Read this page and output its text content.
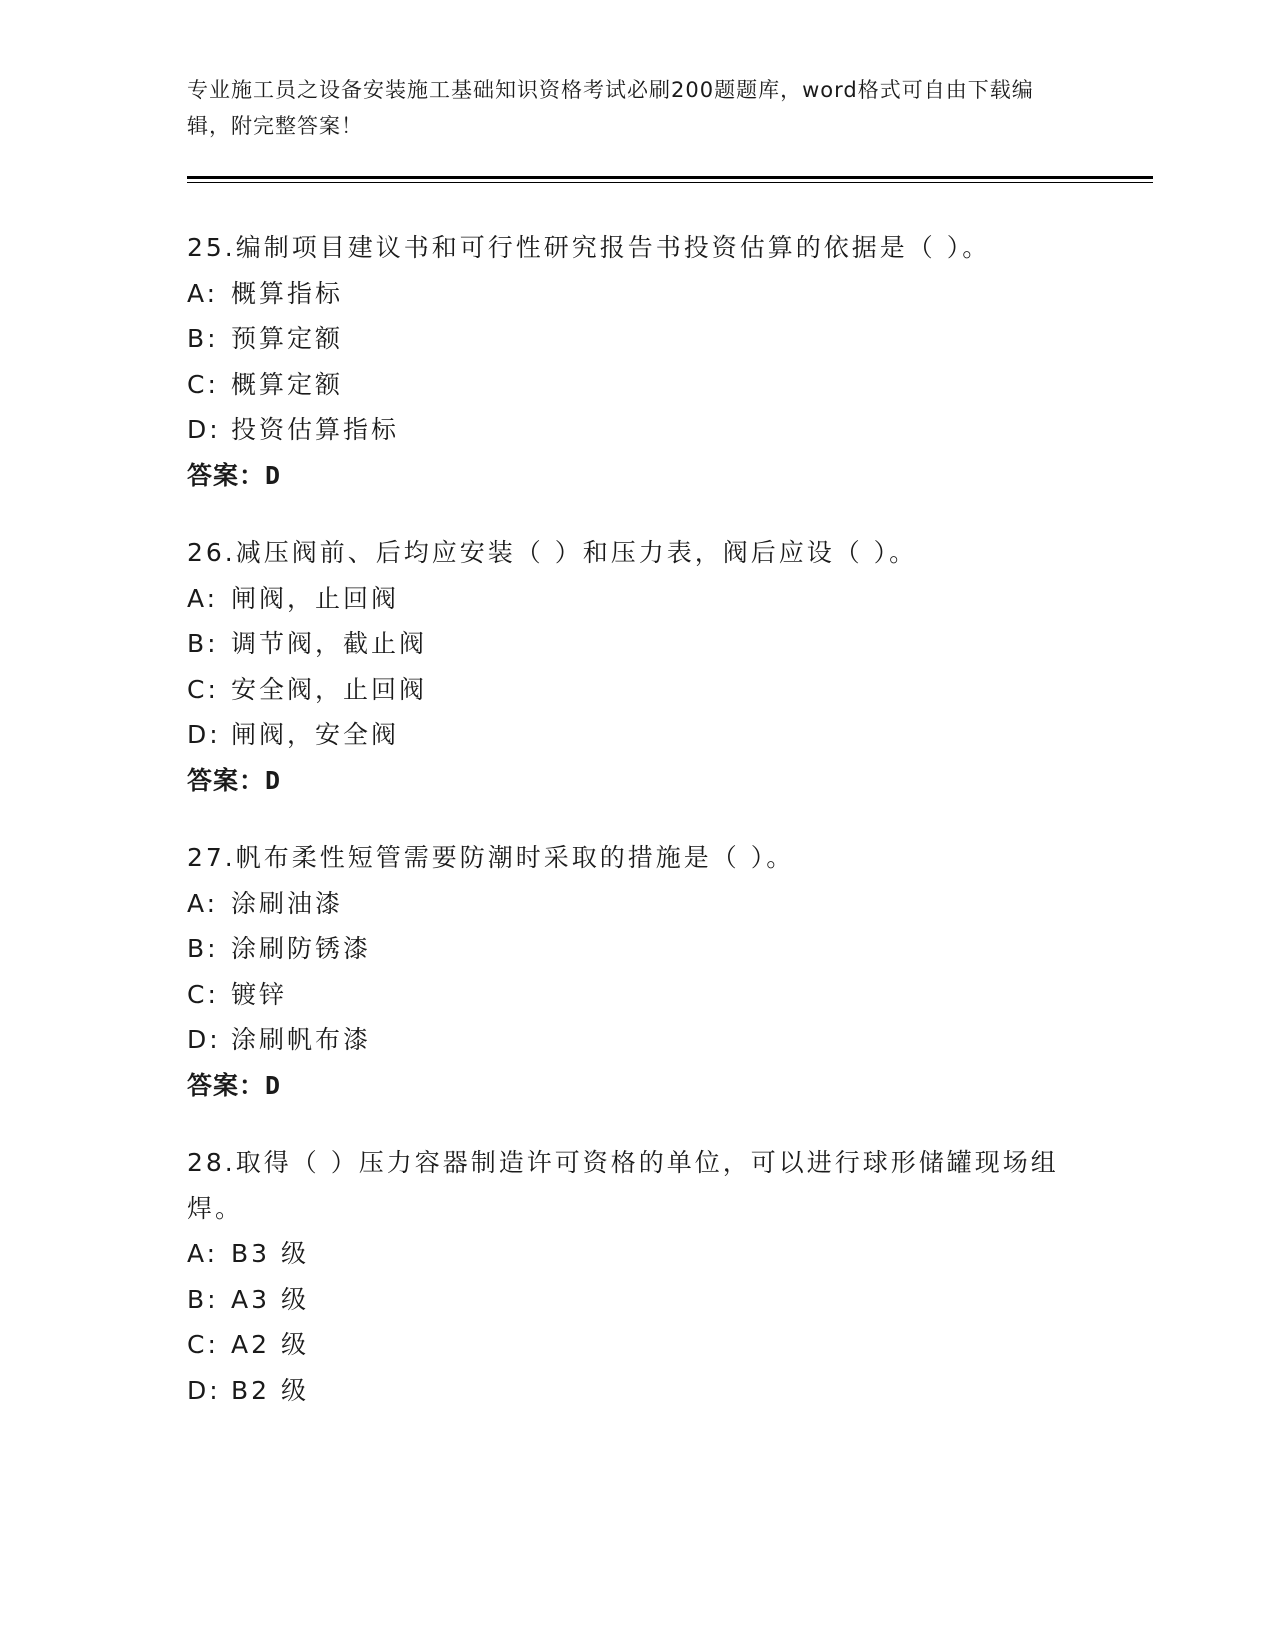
专业施工员之设备安装施工基础知识资格考试必刷200题题库，word格式可自由下载编辑，附完整答案！
25.编制项目建议书和可行性研究报告书投资估算的依据是（ ）。
A: 概算指标
B: 预算定额
C: 概算定额
D: 投资估算指标
答案：D
26.减压阀前、后均应安装（ ）和压力表，阀后应设（ ）。
A: 闸阀，止回阀
B: 调节阀，截止阀
C: 安全阀，止回阀
D: 闸阀，安全阀
答案：D
27.帆布柔性短管需要防潮时采取的措施是（ ）。
A: 涂刷油漆
B: 涂刷防锈漆
C: 镀锌
D: 涂刷帆布漆
答案：D
28.取得（ ）压力容器制造许可资格的单位，可以进行球形储罐现场组焊。
A: B3 级
B: A3 级
C: A2 级
D: B2 级
